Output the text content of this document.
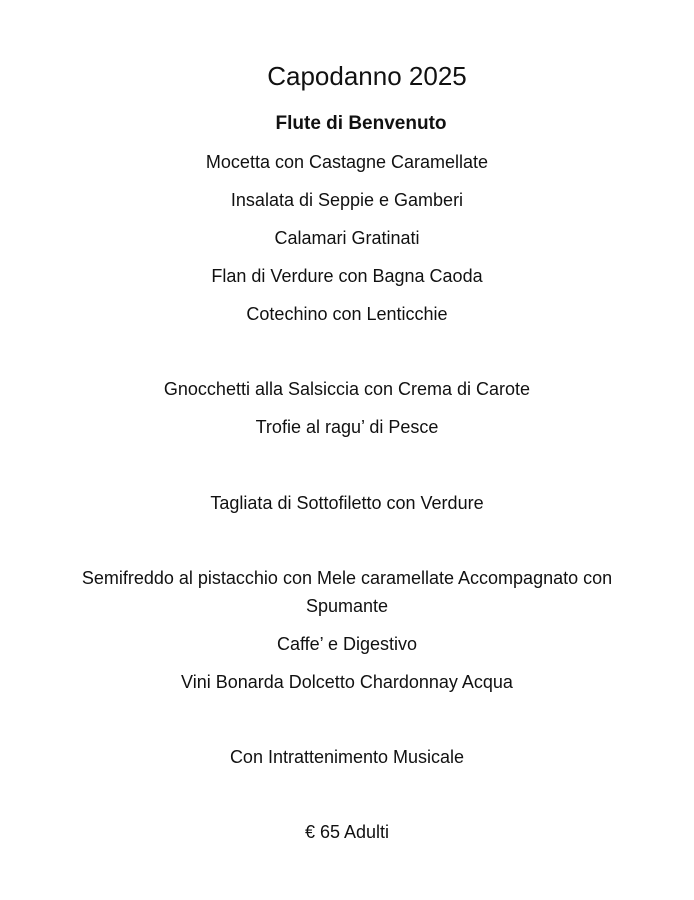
Capodanno 2025
Flute di Benvenuto
Mocetta con Castagne Caramellate
Insalata di Seppie e Gamberi
Calamari Gratinati
Flan di Verdure con Bagna Caoda
Cotechino con Lenticchie
Gnocchetti alla Salsiccia con Crema di Carote
Trofie al ragu’ di Pesce
Tagliata di Sottofiletto con Verdure
Semifreddo al pistacchio con Mele caramellate Accompagnato con
Spumante
Caffe’ e Digestivo
Vini Bonarda Dolcetto Chardonnay Acqua
Con Intrattenimento Musicale
€ 65 Adulti
